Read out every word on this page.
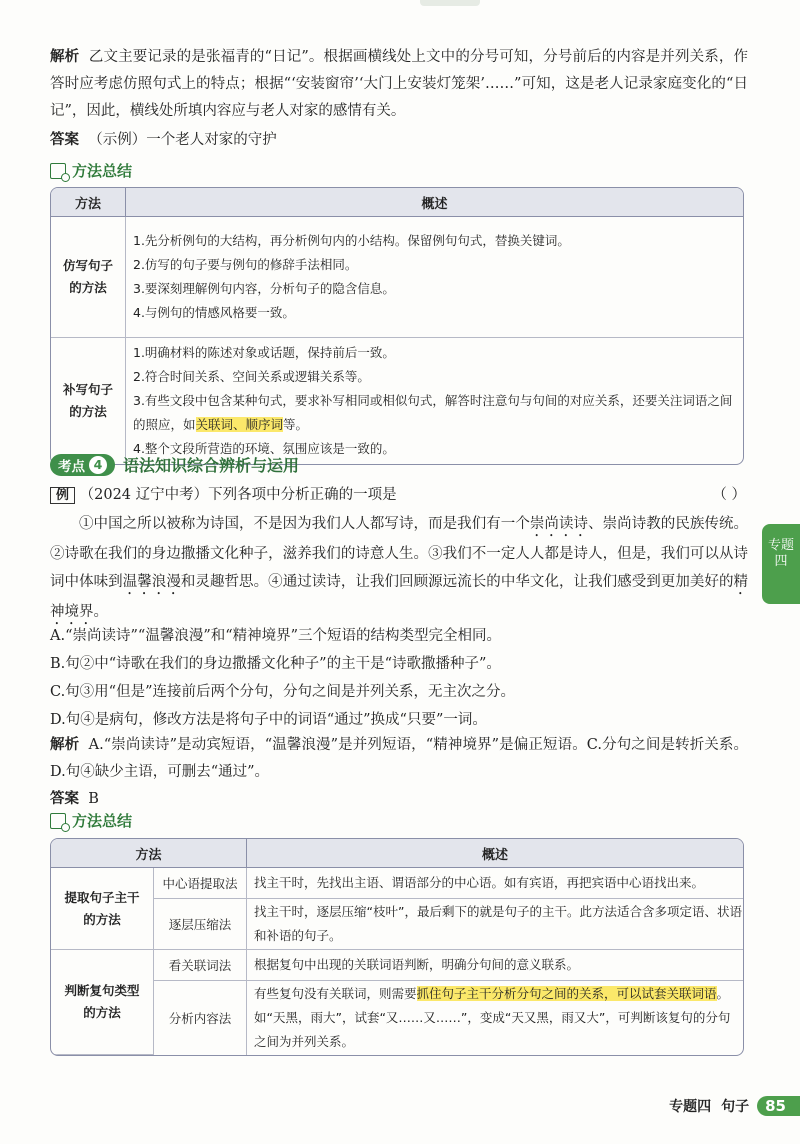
解析 乙文主要记录的是张福青的“日记”。根据画横线处上文中的分号可知，分号前后的内容是并列关系，作答时应考虑仿照句式上的特点；根据“‘安装窗帘’‘大门上安装灯笼架’……”可知，这是老人记录家庭变化的“日记”，因此，横线处所填内容应与老人对家的感情有关。
答案 （示例）一个老人对家的守护
方法总结
方法	概述

仿写句子的方法	1.先分析例句的大结构，再分析例句内的小结构。保留例句句式，替换关键词。
2.仿写的句子要与例句的修辞手法相同。
3.要深刻理解例句内容，分析句子的隐含信息。
4.与例句的情感风格要一致。

补写句子的方法	1.明确材料的陈述对象或话题，保持前后一致。
2.符合时间关系、空间关系或逻辑关系等。
3.有些文段中包含某种句式，要求补写相同或相似句式，解答时注意句与句间的对应关系，还要关注词语之间的照应，如关联词、顺序词等。
4.整个文段所营造的环境、氛围应该是一致的。
考点 4 语法知识综合辨析与运用
例 （2024 辽宁中考）下列各项中分析正确的一项是	（ ）
①中国之所以被称为诗国，不是因为我们人人都写诗，而是我们有一个崇尚读诗、崇尚诗教的民族传统。②诗歌在我们的身边撒播文化种子，滋养我们的诗意人生。③我们不一定人人都是诗人，但是，我们可以从诗词中体味到温馨浪漫和灵趣哲思。④通过读诗，让我们回顾源远流长的中华文化，让我们感受到更加美好的精神境界。
A.“崇尚读诗”“温馨浪漫”和“精神境界”三个短语的结构类型完全相同。
B.句②中“诗歌在我们的身边撒播文化种子”的主干是“诗歌撒播种子”。
C.句③用“但是”连接前后两个分句，分句之间是并列关系，无主次之分。
D.句④是病句，修改方法是将句子中的词语“通过”换成“只要”一词。
解析 A.“崇尚读诗”是动宾短语，“温馨浪漫”是并列短语，“精神境界”是偏正短语。C.分句之间是转折关系。D.句④缺少主语，可删去“通过”。
答案 B
方法总结
方法		概述

提取句子主干的方法	中心语提取法	找主干时，先找出主语、谓语部分的中心语。如有宾语，再把宾语中心语找出来。

	逐层压缩法	找主干时，逐层压缩“枝叶”，最后剩下的就是句子的主干。此方法适合含多项定语、状语和补语的句子。

判断复句类型的方法	看关联词法	根据复句中出现的关联词语判断，明确分句间的意义联系。

	分析内容法	有些复句没有关联词，则需要抓住句子主干分析分句之间的关系，可以试套关联词语。如“天黑，雨大”，试套“又……又……”，变成“天又黑，雨又大”，可判断该复句的分句之间为并列关系。
专题四
专题四 句子	85
